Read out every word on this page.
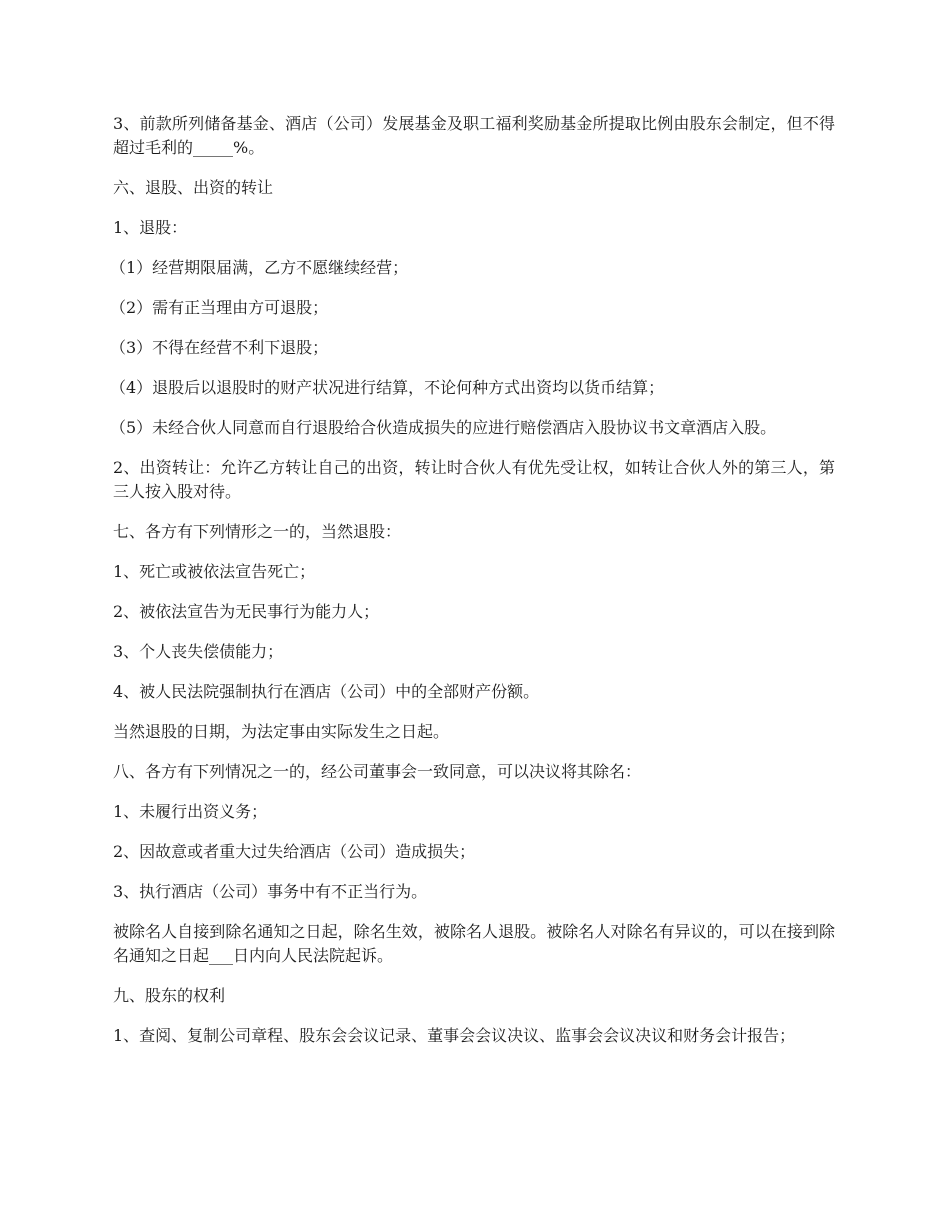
3、前款所列储备基金、酒店（公司）发展基金及职工福利奖励基金所提取比例由股东会制定，但不得超过毛利的_____%。

六、退股、出资的转让

1、退股：

（1）经营期限届满，乙方不愿继续经营；

（2）需有正当理由方可退股；

（3）不得在经营不利下退股；

（4）退股后以退股时的财产状况进行结算，不论何种方式出资均以货币结算；

（5）未经合伙人同意而自行退股给合伙造成损失的应进行赔偿酒店入股协议书文章酒店入股。

2、出资转让：允许乙方转让自己的出资，转让时合伙人有优先受让权，如转让合伙人外的第三人，第三人按入股对待。

七、各方有下列情形之一的，当然退股：

1、死亡或被依法宣告死亡；

2、被依法宣告为无民事行为能力人；

3、个人丧失偿债能力；

4、被人民法院强制执行在酒店（公司）中的全部财产份额。

当然退股的日期，为法定事由实际发生之日起。

八、各方有下列情况之一的，经公司董事会一致同意，可以决议将其除名：

1、未履行出资义务；

2、因故意或者重大过失给酒店（公司）造成损失；

3、执行酒店（公司）事务中有不正当行为。

被除名人自接到除名通知之日起，除名生效，被除名人退股。被除名人对除名有异议的，可以在接到除名通知之日起___日内向人民法院起诉。

九、股东的权利

1、查阅、复制公司章程、股东会会议记录、董事会会议决议、监事会会议决议和财务会计报告；
